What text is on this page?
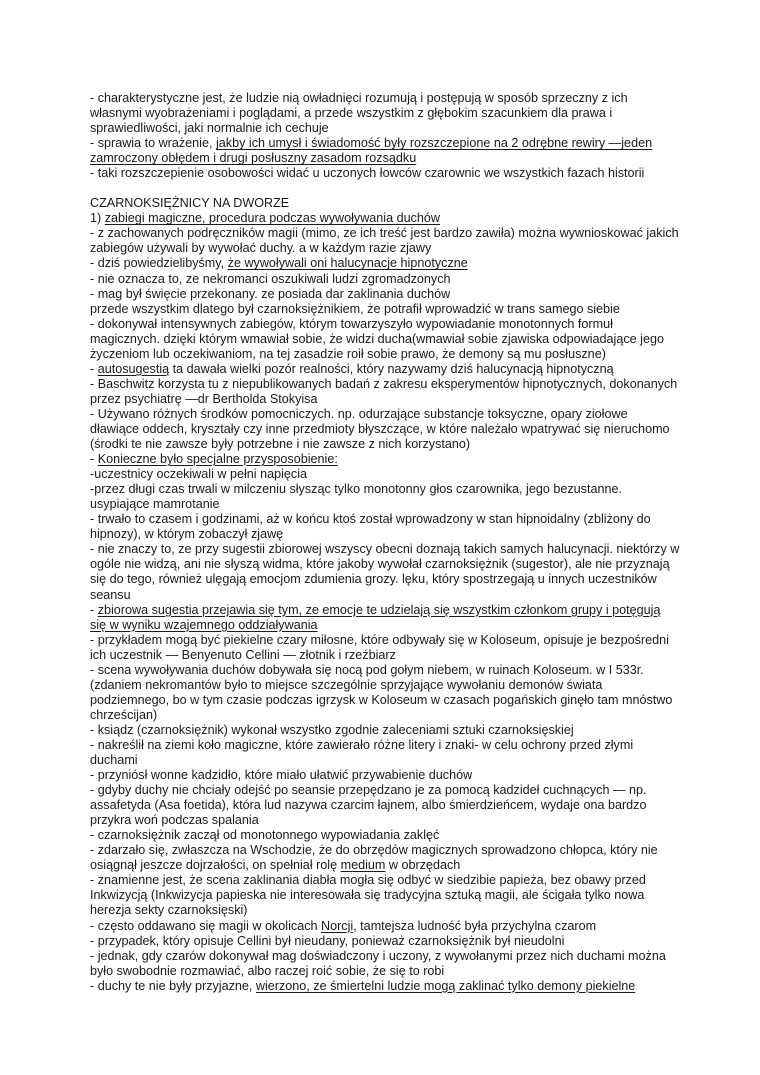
- charakterystyczne jest, że ludzie nią owładnięci rozumują i postępują w sposób sprzeczny z ich własnymi wyobrażeniami i poglądami, a przede wszystkim z głębokim szacunkiem dla prawa i sprawiedliwości, jaki normalnie ich cechuje

- sprawia to wrażenie, jakby ich umysł i świadomość były rozszczepione na 2 odrębne rewiry —jeden zamroczony obłędem i drugi posłuszny zasadom rozsądku

- taki rozszczepienie osobowości widać u uczonych łowców czarownic we wszystkich fazach historii

CZARNOKSIĘŻNICY NA DWORZE

1) zabiegi magiczne, procedura podczas wywoływania duchów

- z zachowanych podręczników magii (mimo, ze ich treść jest bardzo zawiła) można wywnioskować jakich zabiegów używali by wywołać duchy. a w każdym razie zjawy

- dziś powiedzielibyśmy, że wywoływali oni halucynacje hipnotyczne

- nie oznacza to, ze nekromanci oszukiwali ludzi zgromadzonych

- mag był święcie przekonany. ze posiada dar zaklinania duchów

przede wszystkim dlatego był czarnoksiężnikiem, że potrafił wprowadzić w trans samego siebie

- dokonywał intensywnych zabiegów, którym towarzyszyło wypowiadanie monotonnych formuł magicznych. dzięki którym wmawiał sobie, że widzi ducha(wmawiał sobie zjawiska odpowiadające jego życzeniom lub oczekiwaniom, na tej zasadzie roił sobie prawo, że demony są mu posłuszne)

- autosugestią ta dawała wielki pozór realności, który nazywamy dziś halucynacją hipnotyczną

- Baschwitz korzysta tu z niepublikowanych badań z zakresu eksperymentów hipnotycznych, dokonanych przez psychiatrę —dr Bertholda Stokyisa

- Używano różnych środków pomocniczych. np. odurzające substancje toksyczne, opary ziołowe dławiące oddech, kryształy czy inne przedmioty błyszczące, w które należało wpatrywać się nieruchomo (środki te nie zawsze były potrzebne i nie zawsze z nich korzystano)

- Konieczne było specjalne przysposobienie:

-uczestnicy oczekiwali w pełni napięcia

-przez długi czas trwali w milczeniu słysząc tylko monotonny głos czarownika, jego bezustanne. usypiające mamrotanie

- trwało to czasem i godzinami, aż w końcu ktoś został wprowadzony w stan hipnoidalny (zbliżony do hipnozy), w którym zobaczył zjawę

- nie znaczy to, ze przy sugestii zbiorowej wszyscy obecni doznają takich samych halucynacji. niektórzy w ogóle nie widzą, ani nie słyszą widma, które jakoby wywołał czarnoksiężnik (sugestor), ale nie przyznają się do tego, również ulęgają emocjom zdumienia grozy. lęku, który spostrzegają u innych uczestników seansu

- zbiorowa sugestia przejawia się tym, ze emocje te udzielają się wszystkim członkom grupy i potęgują się w wyniku wzajemnego oddziaływania

- przykładem mogą być piekielne czary miłosne, które odbywały się w Koloseum, opisuje je bezpośredni ich uczestnik — Benyenuto Cellini — złotnik i rzeźbiarz

- scena wywoływania duchów dobywała się nocą pod gołym niebem, w ruinach Koloseum. w I 533r. (zdaniem nekromantów było to miejsce szczególnie sprzyjające wywołaniu demonów świata podziemnego, bo w tym czasie podczas igrzysk w Koloseum w czasach pogańskich ginęło tam mnóstwo chrześcijan)

- ksiądz (czarnoksiężnik) wykonał wszystko zgodnie zaleceniami sztuki czarnoksięskiej

- nakreślił na ziemi koło magiczne, które zawierało różne litery i znaki- w celu ochrony przed złymi duchami

- przyniósł wonne kadzidło, które miało ułatwić przywabienie duchów

- gdyby duchy nie chciały odejść po seansie przepędzano je za pomocą kadzideł cuchnących — np. assafetyda (Asa foetida), która lud nazywa czarcim łajnem, albo śmierdzieńcem, wydaje ona bardzo przykra woń podczas spalania

- czarnoksiężnik zaczął od monotonnego wypowiadania zaklęć

- zdarzało się, zwłaszcza na Wschodzie, że do obrzędów magicznych sprowadzono chłopca, który nie osiągnął jeszcze dojrzałości, on spełniał rolę medium w obrzędach

- znamienne jest, że scena zaklinania diabła mogła się odbyć w siedzibie papieża, bez obawy przed Inkwizycją (Inkwizycja papieska nie interesowała się tradycyjna sztuką magii, ale ścigała tylko nowa herezja sekty czarnoksięski)

- często oddawano się magii w okolicach Norcji, tamtejsza ludność była przychylna czarom

- przypadek, który opisuje Cellini był nieudany, ponieważ czarnoksiężnik był nieudolni

- jednak, gdy czarów dokonywał mag doświadczony i uczony, z wywołanymi przez nich duchami można było swobodnie rozmawiać, albo raczej roić sobie, że się to robi

- duchy te nie były przyjazne, wierzono, ze śmiertelni ludzie mogą zaklinać tylko demony piekielne
